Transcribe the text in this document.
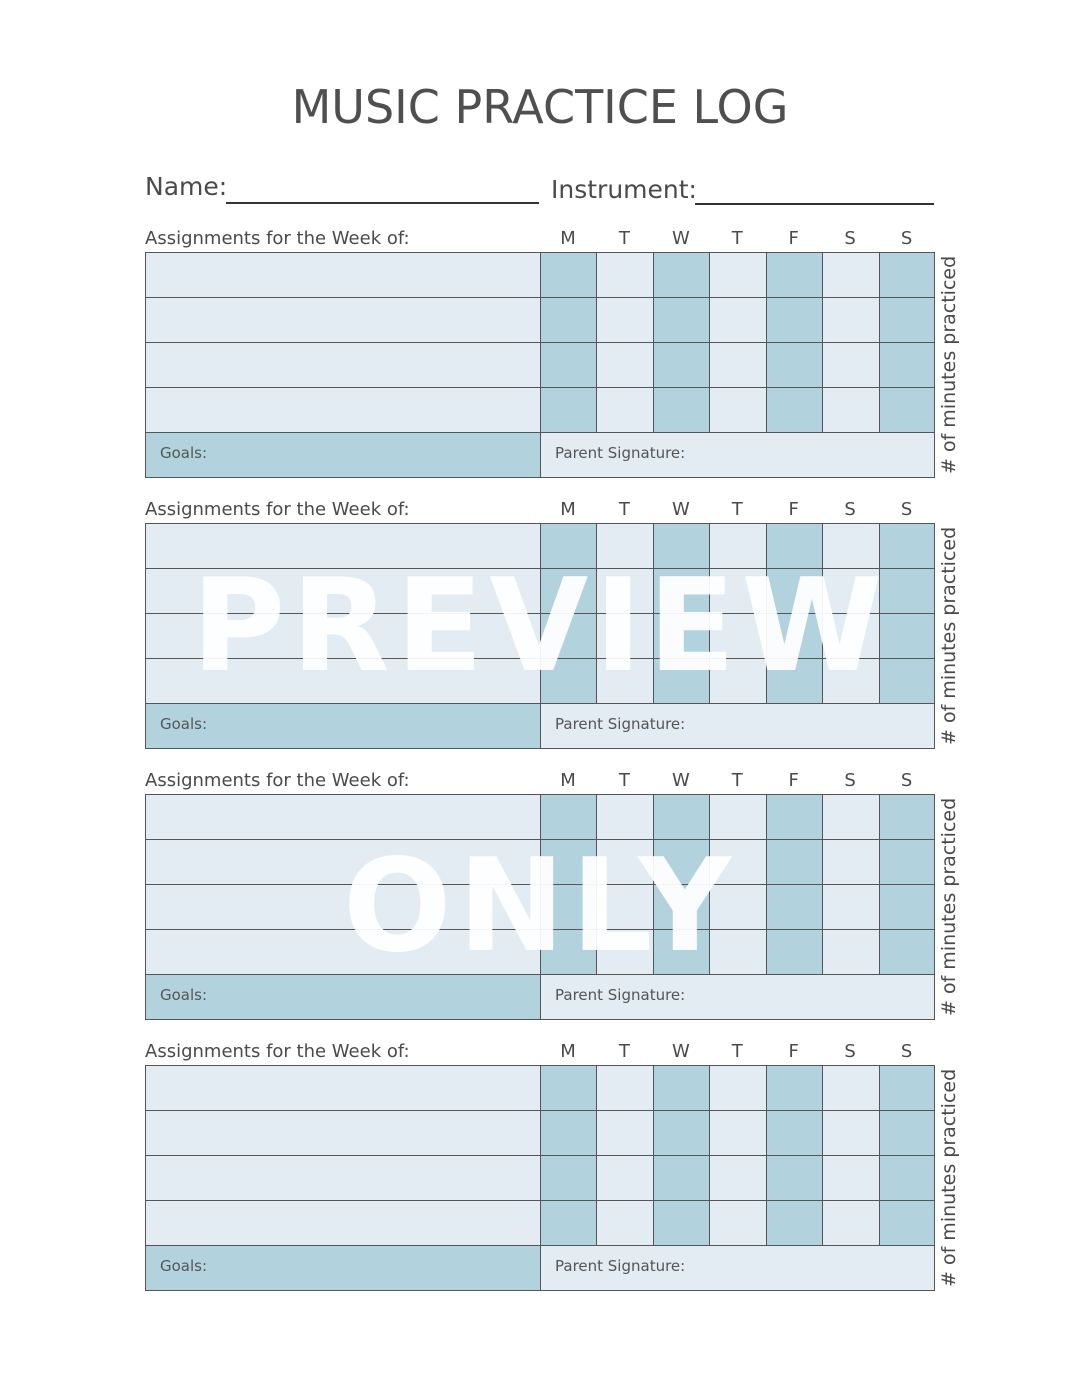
MUSIC PRACTICE LOG
Name:	Instrument:
Assignments for the Week of:	M	T	W	T	F	S	S
Goals:	Parent Signature:	# of minutes practiced
Assignments for the Week of:	M	T	W	T	F	S	S
Goals:	Parent Signature:	# of minutes practiced
Assignments for the Week of:	M	T	W	T	F	S	S
Goals:	Parent Signature:	# of minutes practiced
Assignments for the Week of:	M	T	W	T	F	S	S
Goals:	Parent Signature:	# of minutes practiced
PREVIEW
ONLY
